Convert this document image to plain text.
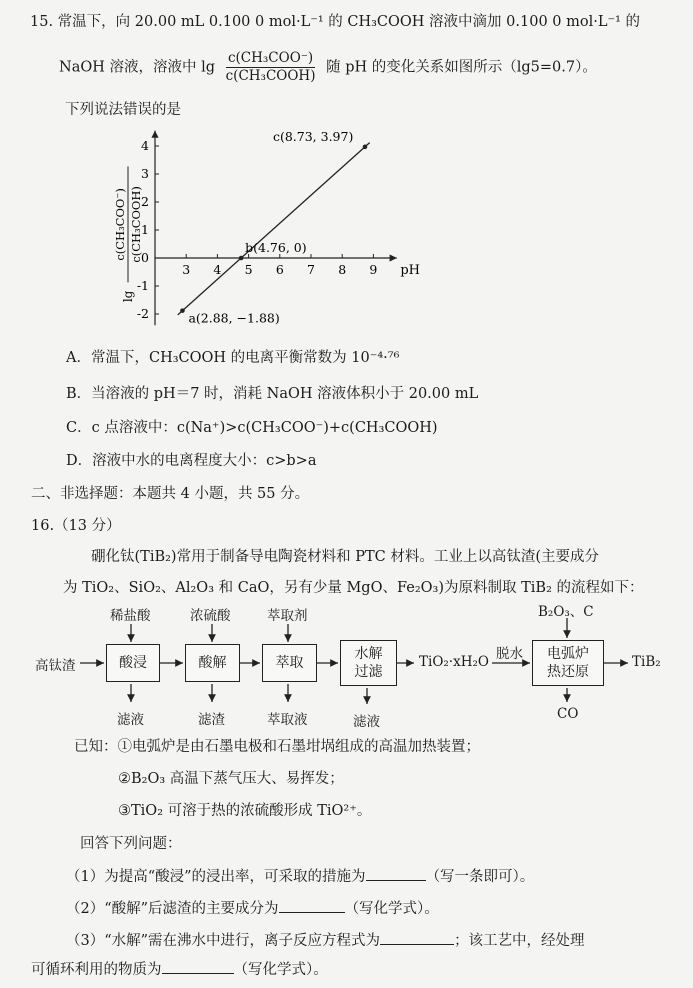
15. 常温下，向 20.00 mL 0.100 0 mol·L⁻¹ 的 CH₃COOH 溶液中滴加 0.100 0 mol·L⁻¹ 的
NaOH 溶液，溶液中 $\lg \frac{\text{c(CH₃COO⁻)}}{\text{c(CH₃COOH)}}$ 随 pH 的变化关系如图所示（lg5=0.7）。
下列说法错误的是
3 4 5 6 7 8 9
4
3
2
1
-1
-2
0
pH
lg
c(CH₃COO⁻) c(CH₃COOH)
a(2.88, −1.88)
b(4.76, 0)
c(8.73, 3.97)
A．常温下，CH₃COOH 的电离平衡常数为 10⁻⁴·⁷⁶
B．当溶液的 pH＝7 时，消耗 NaOH 溶液体积小于 20.00 mL
C．c 点溶液中：c(Na⁺)>c(CH₃COO⁻)+c(CH₃COOH)
D．溶液中水的电离程度大小：c>b>a
二、非选择题：本题共 4 小题，共 55 分。
16.（13 分）
硼化钛(TiB₂)常用于制备导电陶瓷材料和 PTC 材料。工业上以高钛渣(主要成分
为 TiO₂、SiO₂、Al₂O₃ 和 CaO，另有少量 MgO、Fe₂O₃)为原料制取 TiB₂ 的流程如下：
高钛渣	酸浸	酸解	萃取
水解
过滤
TiO₂·xH₂O 脱水 电弧炉
热还原
TiB₂
稀盐酸	浓硫酸	萃取剂	B₂O₃、C
滤液	滤渣	萃取液	滤液	CO
已知：①电弧炉是由石墨电极和石墨坩埚组成的高温加热装置；
②B₂O₃ 高温下蒸气压大、易挥发；
③TiO₂ 可溶于热的浓硫酸形成 TiO²⁺。
回答下列问题：
（1）为提高“酸浸”的浸出率，可采取的措施为	（写一条即可）。
（2）“酸解”后滤渣的主要成分为	（写化学式）。
（3）“水解”需在沸水中进行，离子反应方程式为	；该工艺中，经处理
可循环利用的物质为	（写化学式）。
